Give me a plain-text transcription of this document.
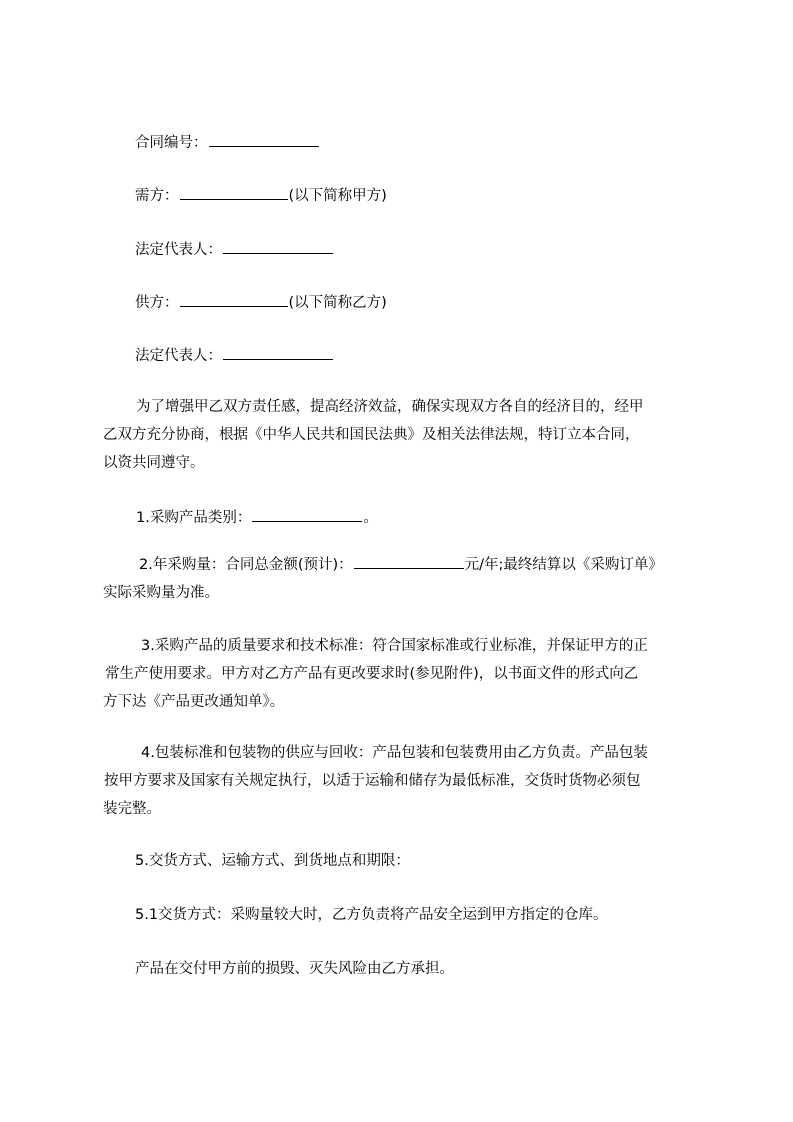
合同编号：
需方：	(以下简称甲方)
法定代表人：
供方：	(以下简称乙方)
法定代表人：
为了增强甲乙双方责任感，提高经济效益，确保实现双方各自的经济目的，经甲
乙双方充分协商，根据《中华人民共和国民法典》及相关法律法规，特订立本合同，
以资共同遵守。
1.采购产品类别：	。
2.年采购量：合同总金额(预计)：	元/年;最终结算以《采购订单》
实际采购量为准。
3.采购产品的质量要求和技术标准：符合国家标准或行业标准，并保证甲方的正
常生产使用要求。甲方对乙方产品有更改要求时(参见附件)，以书面文件的形式向乙
方下达《产品更改通知单》。
4.包装标准和包装物的供应与回收：产品包装和包装费用由乙方负责。产品包装
按甲方要求及国家有关规定执行，以适于运输和储存为最低标准，交货时货物必须包
装完整。
5.交货方式、运输方式、到货地点和期限：
5.1交货方式：采购量较大时，乙方负责将产品安全运到甲方指定的仓库。
产品在交付甲方前的损毁、灭失风险由乙方承担。
